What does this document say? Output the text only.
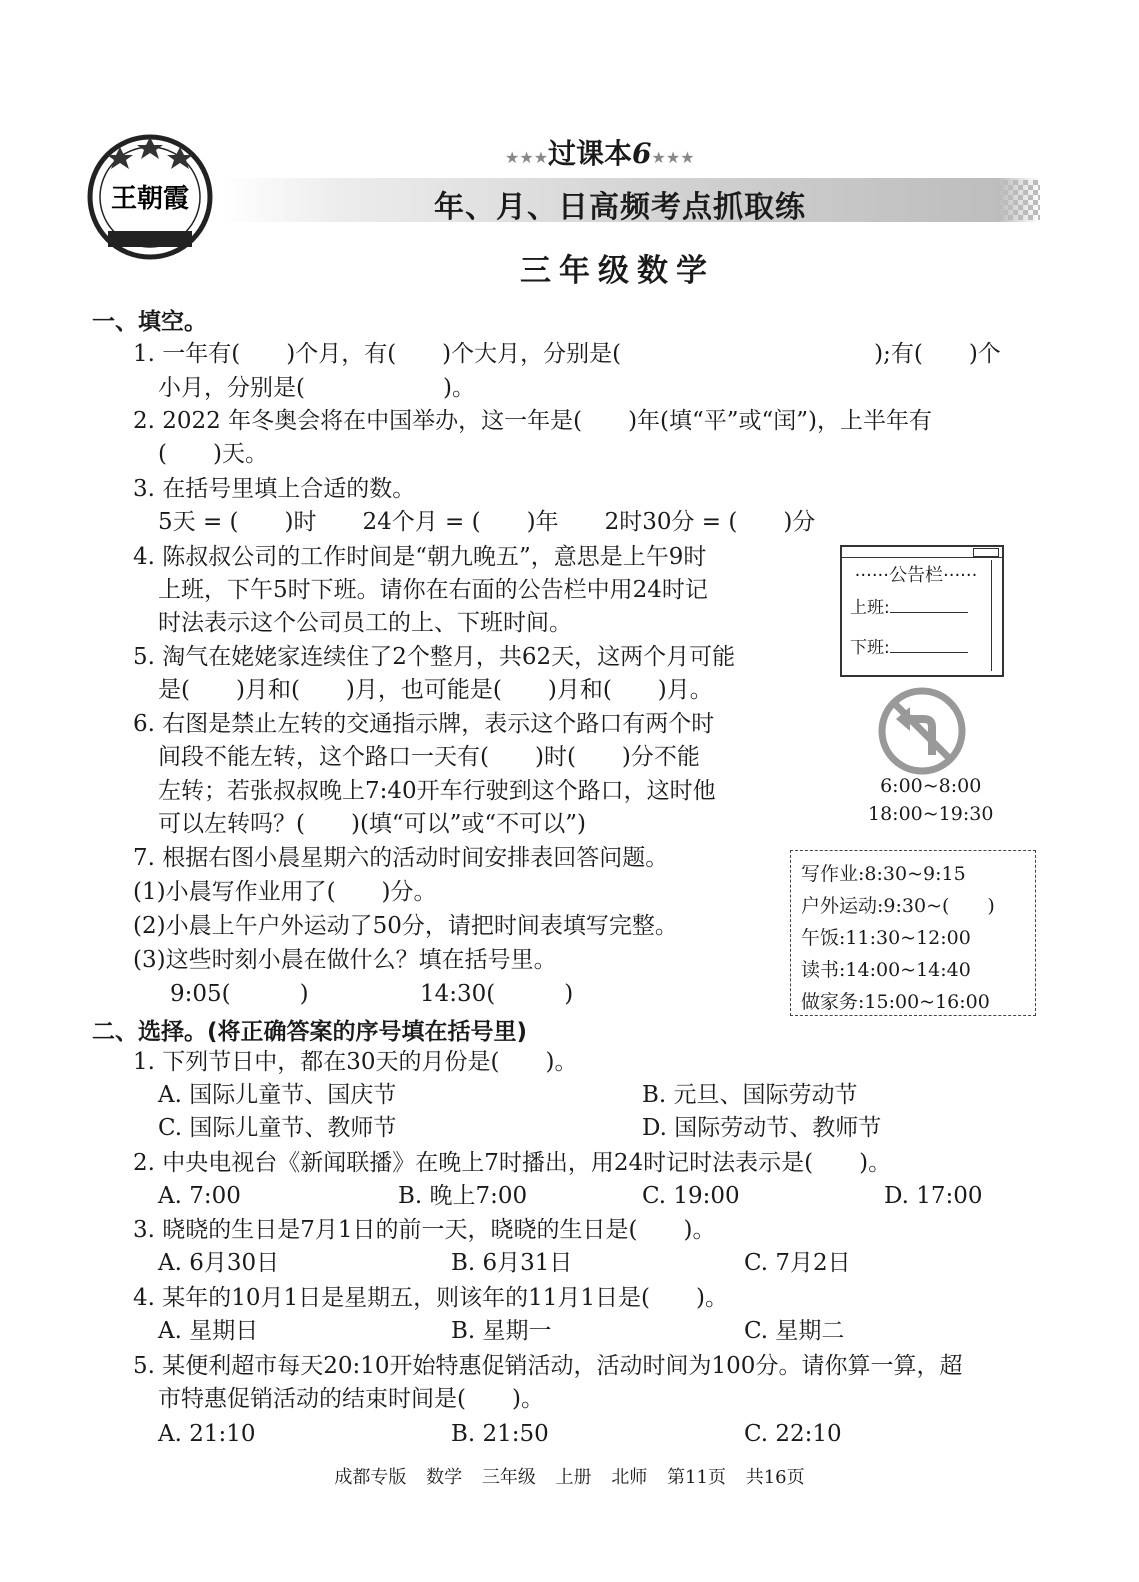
王朝霞
★★★过课本6★★★
年、月、日高频考点抓取练
三年级数学
一、填空。
1. 一年有(　　)个月，有(　　)个大月，分别是(　　　　　　　　　　　);有(　　)个
小月，分别是(　　　　　　)。
2. 2022 年冬奥会将在中国举办，这一年是(　　)年(填“平”或“闰”)，上半年有
(　　)天。
3. 在括号里填上合适的数。
5天 = (　　)时　　24个月 = (　　)年　　2时30分 = (　　)分
4. 陈叔叔公司的工作时间是“朝九晚五”，意思是上午9时
上班，下午5时下班。请你在右面的公告栏中用24时记
时法表示这个公司员工的上、下班时间。
5. 淘气在姥姥家连续住了2个整月，共62天，这两个月可能
是(　　)月和(　　)月，也可能是(　　)月和(　　)月。
6. 右图是禁止左转的交通指示牌，表示这个路口有两个时
间段不能左转，这个路口一天有(　　)时(　　)分不能
左转；若张叔叔晚上7:40开车行驶到这个路口，这时他
可以左转吗？(　　)(填“可以”或“不可以”)
7. 根据右图小晨星期六的活动时间安排表回答问题。
(1)小晨写作业用了(　　)分。
(2)小晨上午户外运动了50分，请把时间表填写完整。
(3)这些时刻小晨在做什么？填在括号里。
9:05(　　　)	14:30(　　　)
······公告栏······
上班:
下班:
6:00~8:00
18:00~19:30
写作业:8:30~9:15
户外运动:9:30~(　　)
午饭:11:30~12:00
读书:14:00~14:40
做家务:15:00~16:00
二、选择。(将正确答案的序号填在括号里)
1. 下列节日中，都在30天的月份是(　　)。
A. 国际儿童节、国庆节	B. 元旦、国际劳动节
C. 国际儿童节、教师节	D. 国际劳动节、教师节
2. 中央电视台《新闻联播》在晚上7时播出，用24时记时法表示是(　　)。
A. 7:00	B. 晚上7:00	C. 19:00	D. 17:00
3. 晓晓的生日是7月1日的前一天，晓晓的生日是(　　)。
A. 6月30日	B. 6月31日	C. 7月2日
4. 某年的10月1日是星期五，则该年的11月1日是(　　)。
A. 星期日	B. 星期一	C. 星期二
5. 某便利超市每天20:10开始特惠促销活动，活动时间为100分。请你算一算，超
市特惠促销活动的结束时间是(　　)。
A. 21:10	B. 21:50	C. 22:10
成都专版 数学 三年级 上册 北师 第11页 共16页
